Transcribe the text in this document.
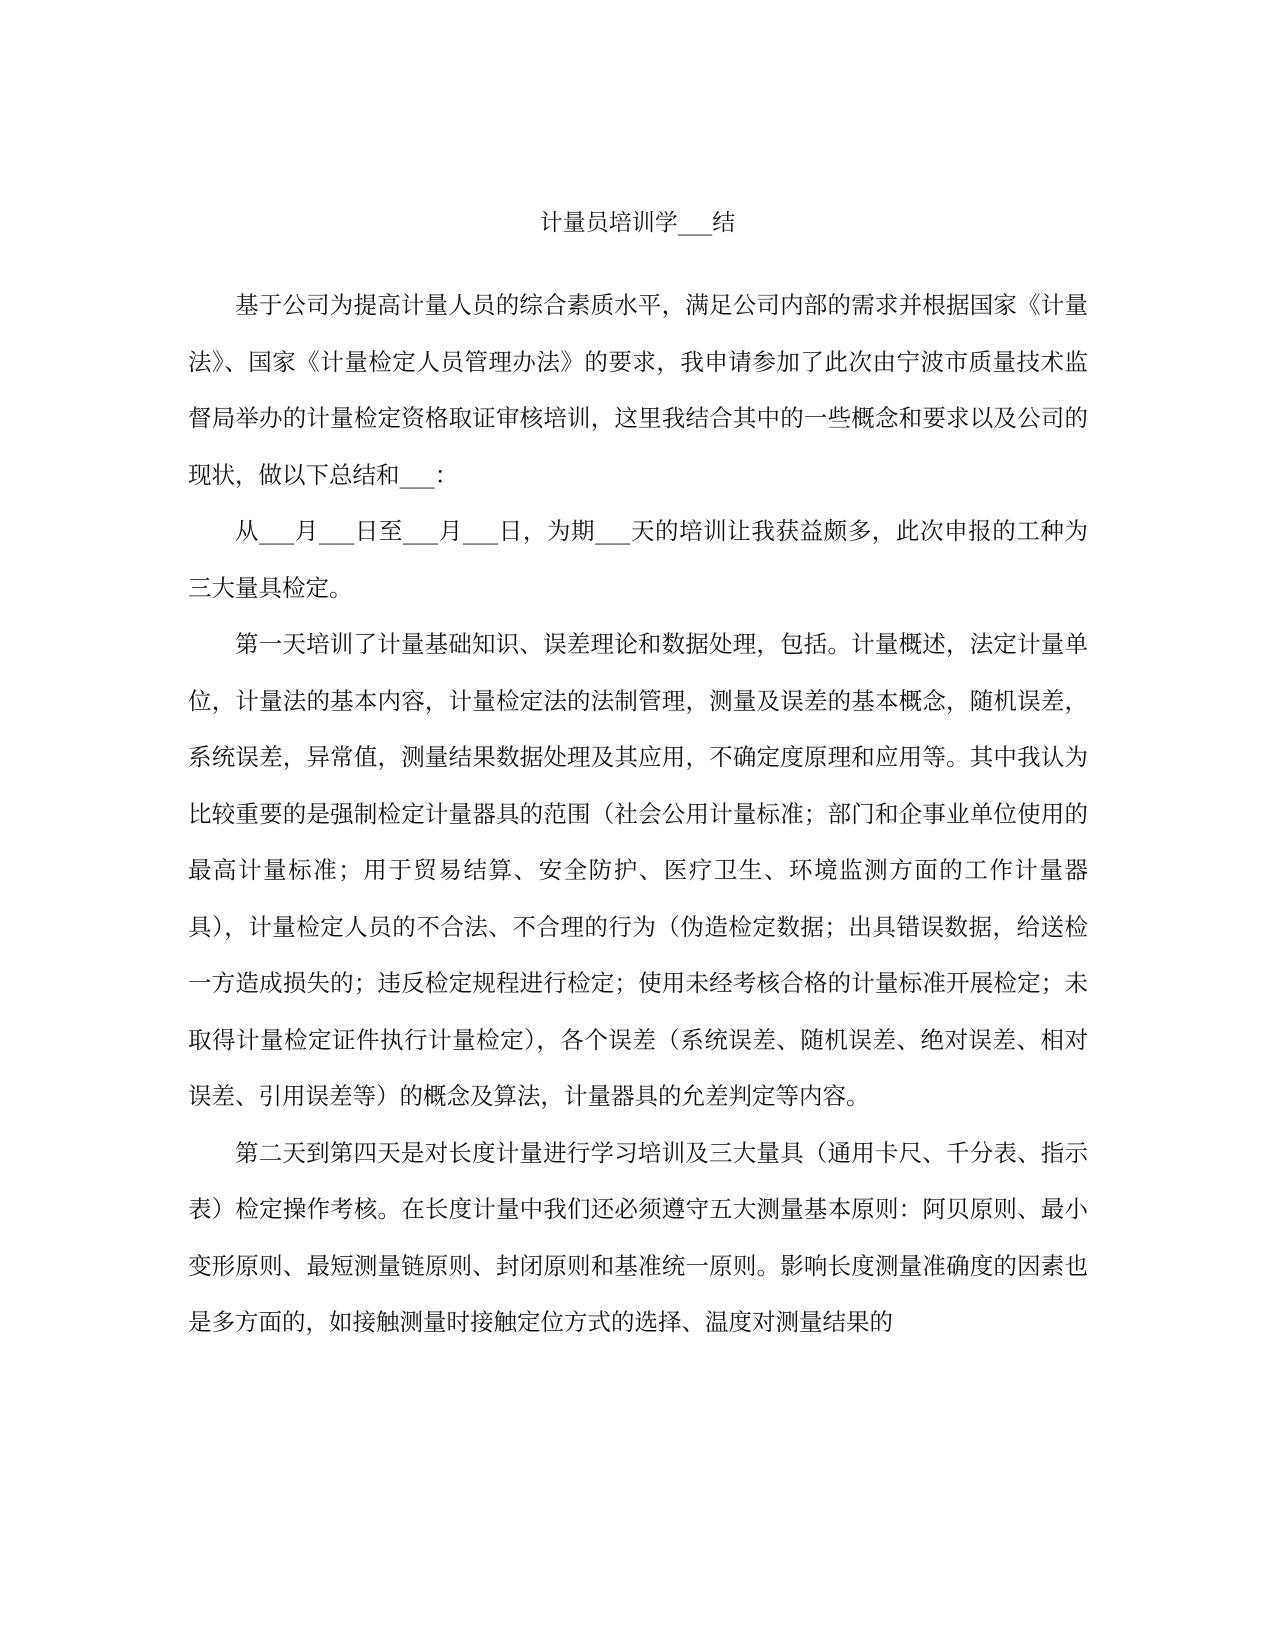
计量员培训学___结

基于公司为提高计量人员的综合素质水平，满足公司内部的需求并根据国家《计量法》、国家《计量检定人员管理办法》的要求，我申请参加了此次由宁波市质量技术监督局举办的计量检定资格取证审核培训，这里我结合其中的一些概念和要求以及公司的现状，做以下总结和___：

从___月___日至___月___日，为期___天的培训让我获益颇多，此次申报的工种为三大量具检定。

第一天培训了计量基础知识、误差理论和数据处理，包括。计量概述，法定计量单位，计量法的基本内容，计量检定法的法制管理，测量及误差的基本概念，随机误差，系统误差，异常值，测量结果数据处理及其应用，不确定度原理和应用等。其中我认为比较重要的是强制检定计量器具的范围（社会公用计量标准；部门和企事业单位使用的最高计量标准；用于贸易结算、安全防护、医疗卫生、环境监测方面的工作计量器具），计量检定人员的不合法、不合理的行为（伪造检定数据；出具错误数据，给送检一方造成损失的；违反检定规程进行检定；使用未经考核合格的计量标准开展检定；未取得计量检定证件执行计量检定），各个误差（系统误差、随机误差、绝对误差、相对误差、引用误差等）的概念及算法，计量器具的允差判定等内容。

第二天到第四天是对长度计量进行学习培训及三大量具（通用卡尺、千分表、指示表）检定操作考核。在长度计量中我们还必须遵守五大测量基本原则：阿贝原则、最小变形原则、最短测量链原则、封闭原则和基准统一原则。影响长度测量准确度的因素也是多方面的，如接触测量时接触定位方式的选择、温度对测量结果的
